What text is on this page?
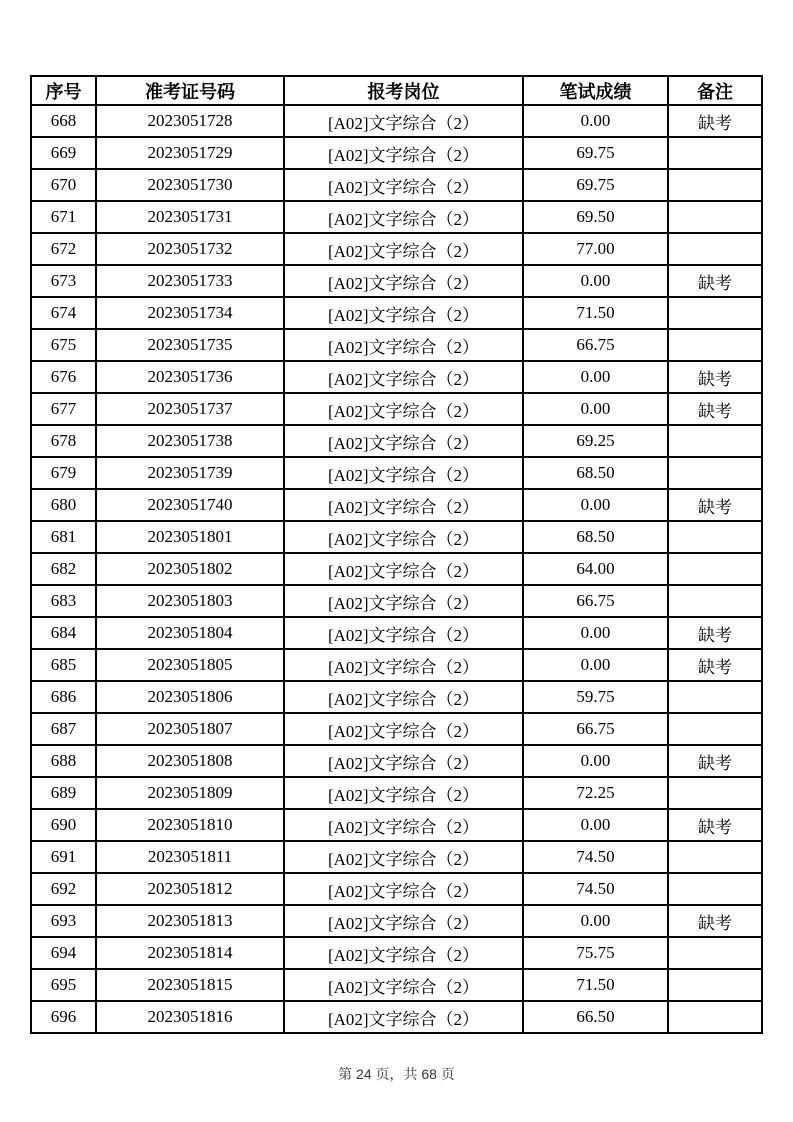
序号	准考证号码	报考岗位	笔试成绩	备注
668	2023051728	[A02]文字综合（2）	0.00	缺考
669	2023051729	[A02]文字综合（2）	69.75	
670	2023051730	[A02]文字综合（2）	69.75	
671	2023051731	[A02]文字综合（2）	69.50	
672	2023051732	[A02]文字综合（2）	77.00	
673	2023051733	[A02]文字综合（2）	0.00	缺考
674	2023051734	[A02]文字综合（2）	71.50	
675	2023051735	[A02]文字综合（2）	66.75	
676	2023051736	[A02]文字综合（2）	0.00	缺考
677	2023051737	[A02]文字综合（2）	0.00	缺考
678	2023051738	[A02]文字综合（2）	69.25	
679	2023051739	[A02]文字综合（2）	68.50	
680	2023051740	[A02]文字综合（2）	0.00	缺考
681	2023051801	[A02]文字综合（2）	68.50	
682	2023051802	[A02]文字综合（2）	64.00	
683	2023051803	[A02]文字综合（2）	66.75	
684	2023051804	[A02]文字综合（2）	0.00	缺考
685	2023051805	[A02]文字综合（2）	0.00	缺考
686	2023051806	[A02]文字综合（2）	59.75	
687	2023051807	[A02]文字综合（2）	66.75	
688	2023051808	[A02]文字综合（2）	0.00	缺考
689	2023051809	[A02]文字综合（2）	72.25	
690	2023051810	[A02]文字综合（2）	0.00	缺考
691	2023051811	[A02]文字综合（2）	74.50	
692	2023051812	[A02]文字综合（2）	74.50	
693	2023051813	[A02]文字综合（2）	0.00	缺考
694	2023051814	[A02]文字综合（2）	75.75	
695	2023051815	[A02]文字综合（2）	71.50	
696	2023051816	[A02]文字综合（2）	66.50	
第 24 页，共 68 页
